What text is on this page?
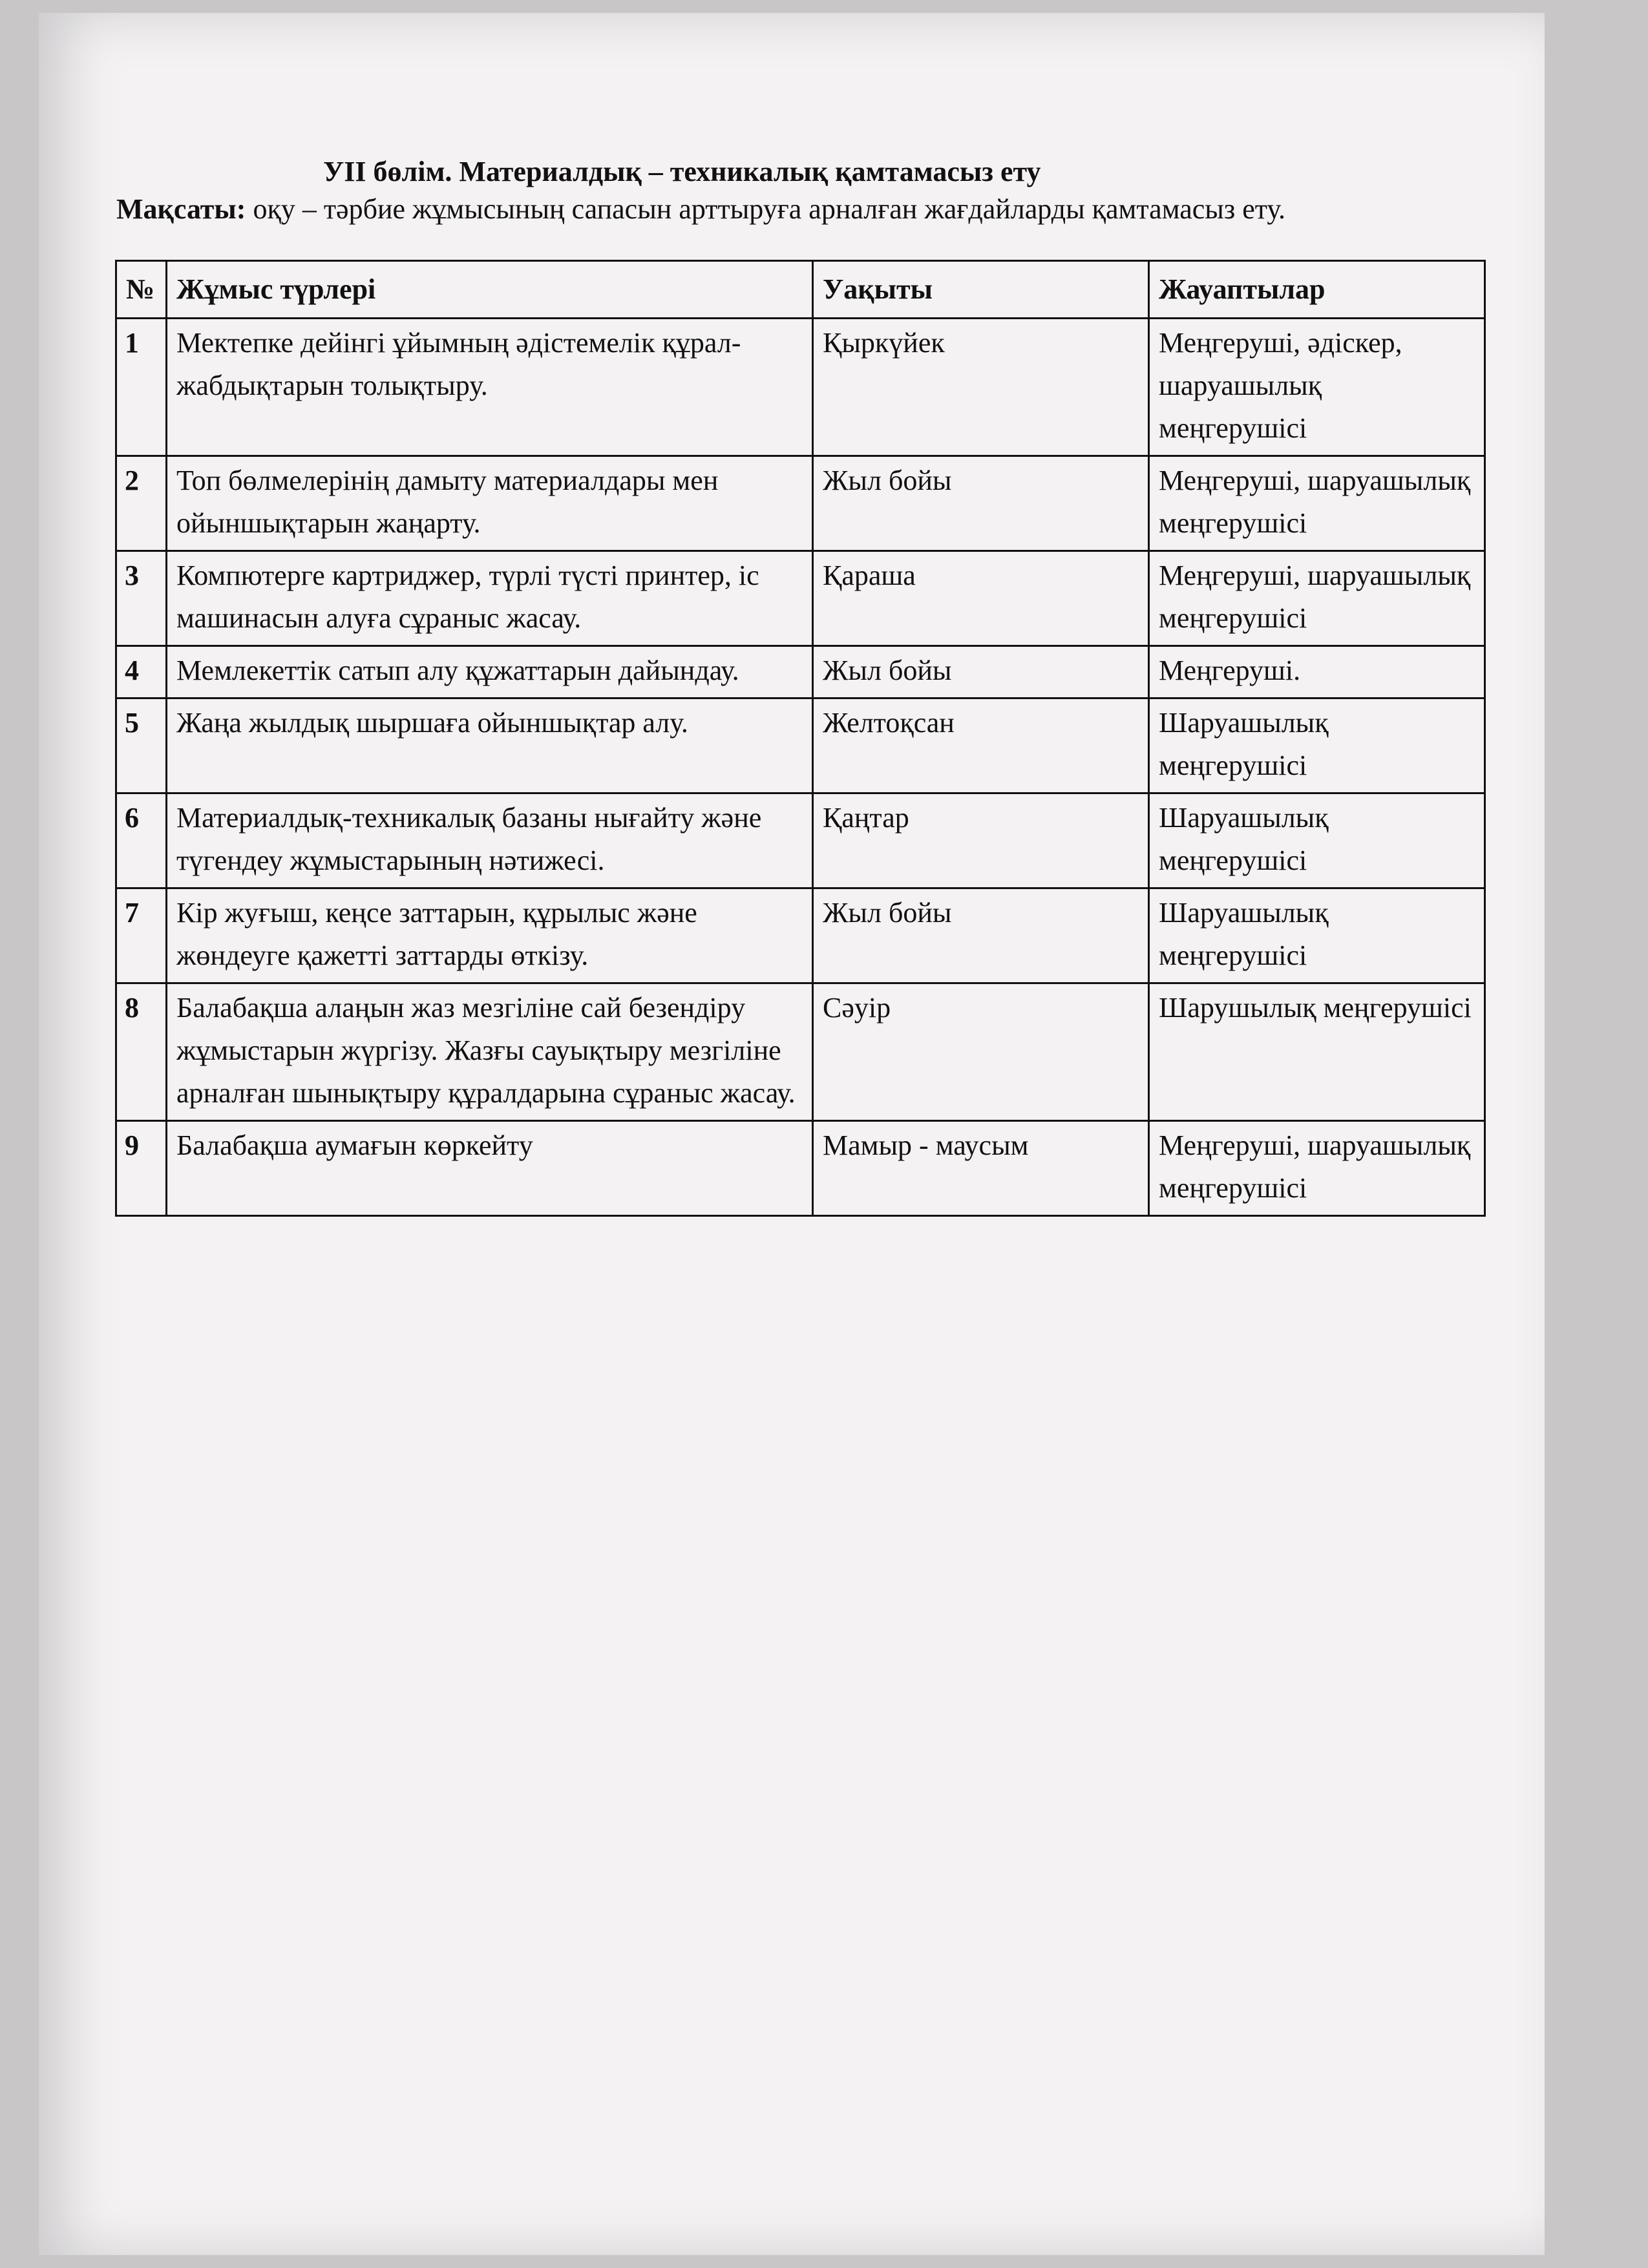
УІІ бөлім. Материалдық – техникалық қамтамасыз ету
Мақсаты: оқу – тәрбие жұмысының сапасын арттыруға арналған жағдайларды қамтамасыз ету.
№	Жұмыс түрлері	Уақыты	Жауаптылар
1	Мектепке дейінгі ұйымның әдістемелік құрал-жабдықтарын толықтыру.	Қыркүйек	Меңгеруші, әдіскер, шаруашылық меңгерушісі
2	Топ бөлмелерінің дамыту материалдары мен ойыншықтарын жаңарту.	Жыл бойы	Меңгеруші, шаруашылық меңгерушісі
3	Компютерге картриджер, түрлі түсті принтер, іс машинасын алуға сұраныс жасау.	Қараша	Меңгеруші, шаруашылық меңгерушісі
4	Мемлекеттік сатып алу құжаттарын дайындау.	Жыл бойы	Меңгеруші.
5	Жаңа жылдық шыршаға ойыншықтар алу.	Желтоқсан	Шаруашылық меңгерушісі
6	Материалдық-техникалық базаны нығайту және түгендеу жұмыстарының нәтижесі.	Қаңтар	Шаруашылық меңгерушісі
7	Кір жуғыш, кеңсе заттарын, құрылыс және жөндеуге қажетті заттарды өткізу.	Жыл бойы	Шаруашылық меңгерушісі
8	Балабақша алаңын жаз мезгіліне сай безендіру жұмыстарын жүргізу. Жазғы сауықтыру мезгіліне арналған шынықтыру құралдарына сұраныс жасау.	Сәуір	Шарушылық меңгерушісі
9	Балабақша аумағын көркейту	Мамыр - маусым	Меңгеруші, шаруашылық меңгерушісі
